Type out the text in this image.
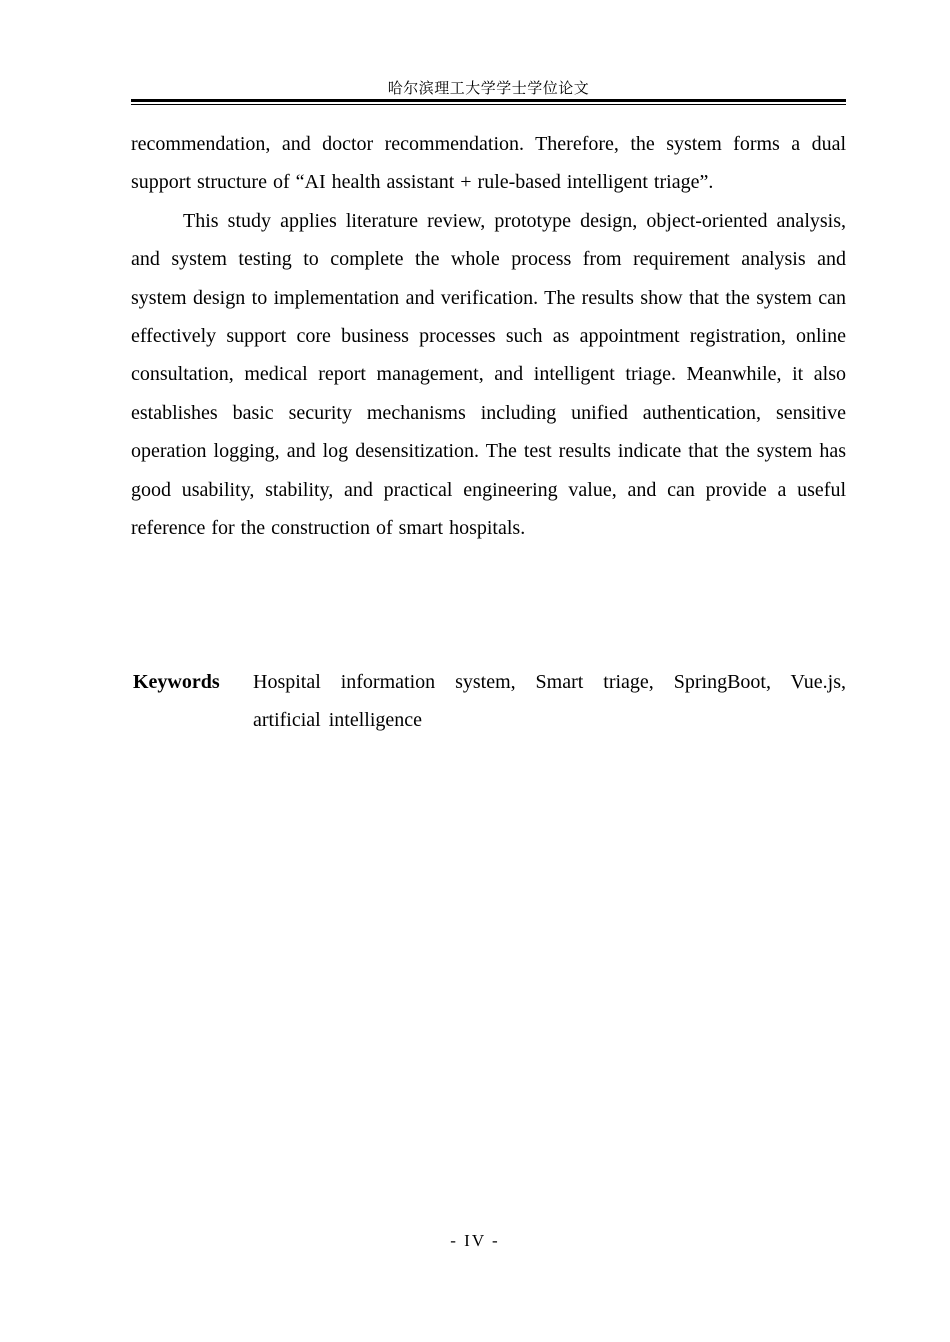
哈尔滨理工大学学士学位论文

recommendation, and doctor recommendation. Therefore, the system forms a dual support structure of “AI health assistant + rule-based intelligent triage”.

This study applies literature review, prototype design, object-oriented analysis, and system testing to complete the whole process from requirement analysis and system design to implementation and verification. The results show that the system can effectively support core business processes such as appointment registration, online consultation, medical report management, and intelligent triage. Meanwhile, it also establishes basic security mechanisms including unified authentication, sensitive operation logging, and log desensitization. The test results indicate that the system has good usability, stability, and practical engineering value, and can provide a useful reference for the construction of smart hospitals.

Keywords	Hospital information system, Smart triage, SpringBoot, Vue.js, artificial intelligence
- IV -
